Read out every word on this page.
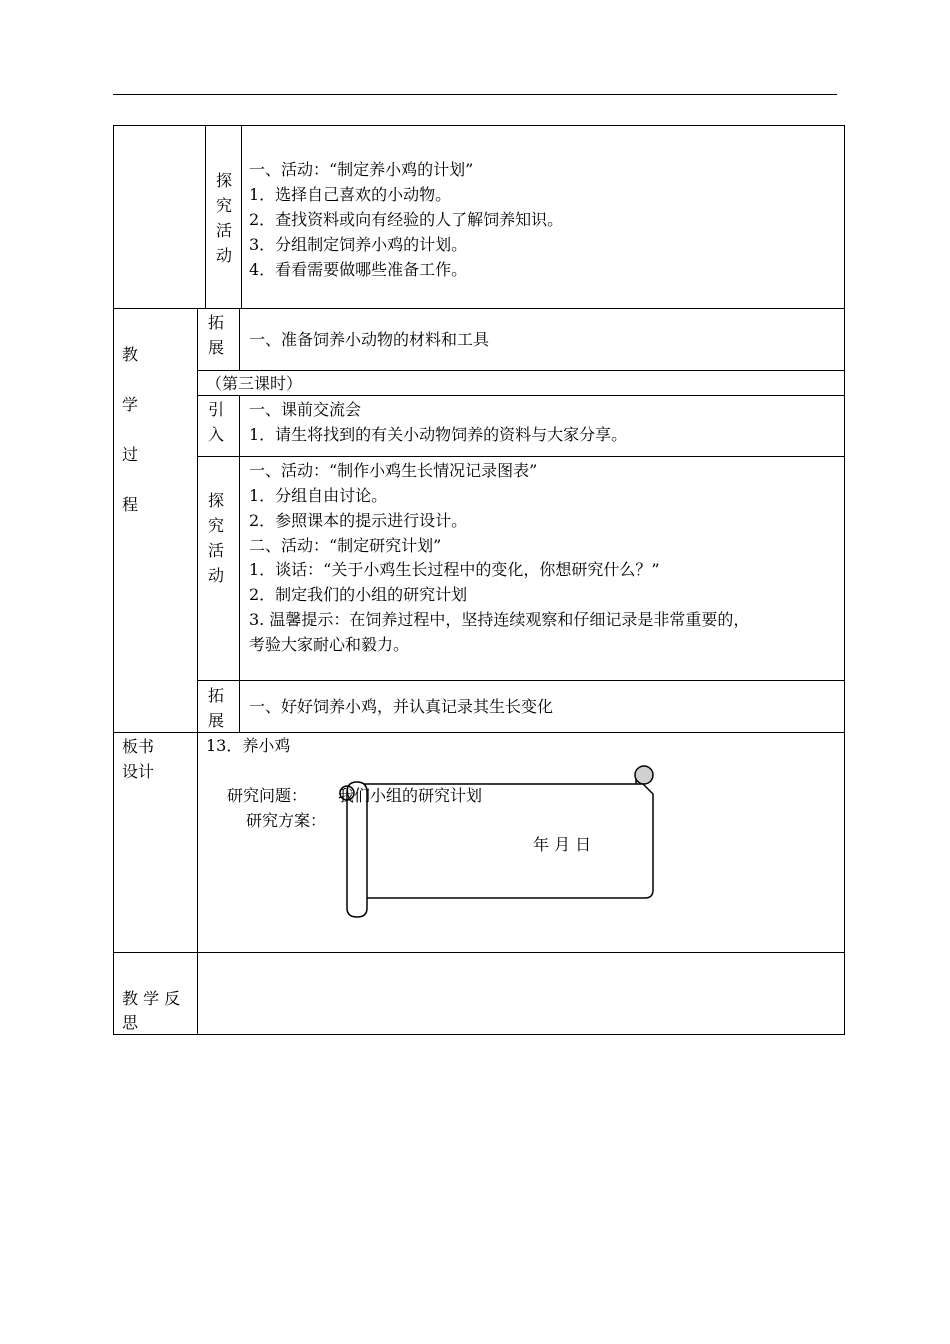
探
究
活
动
一、活动：“制定养小鸡的计划”
1．选择自己喜欢的小动物。
2．查找资料或向有经验的人了解饲养知识。
3．分组制定饲养小鸡的计划。
4．看看需要做哪些准备工作。
教
学
过
程
拓
展 一、准备饲养小动物的材料和工具
（第三课时）
引
入
一、课前交流会
1．请生将找到的有关小动物饲养的资料与大家分享。
探
究
活
动
一、活动：“制作小鸡生长情况记录图表”
1．分组自由讨论。
2．参照课本的提示进行设计。
二、活动：“制定研究计划”
1．谈话：“关于小鸡生长过程中的变化，你想研究什么？”
2．制定我们的小组的研究计划
3. 温馨提示：在饲养过程中，坚持连续观察和仔细记录是非常重要的，
考验大家耐心和毅力。
拓
展
一、好好饲养小鸡，并认真记录其生长变化
板书
设计
13．养小鸡
研究问题： 我们小组的研究计划
研究方案：
年 月 日
教 学 反
思
